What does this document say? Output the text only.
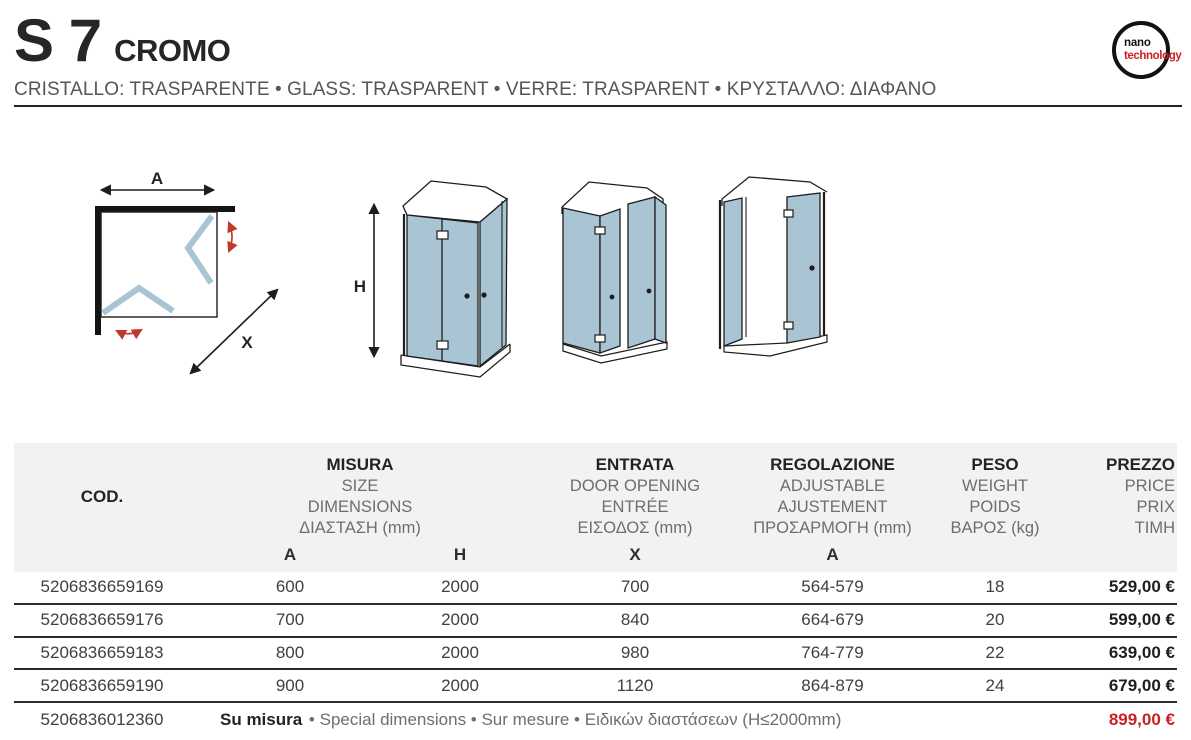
S 7 CROMO
CRISTALLO: TRASPARENTE • GLASS: TRASPARENT • VERRE: TRASPARENT • ΚΡΥΣΤΑΛΛΟ: ΔΙΑΦΑΝΟ
nano
technology
A
X
H
COD.
MISURA
SIZE
DIMENSIONS
ΔΙΑΣΤΑΣΗ (mm)
ENTRATA
DOOR OPENING
ENTRÉE
ΕΙΣΟΔΟΣ (mm)
REGOLAZIONE
ADJUSTABLE
AJUSTEMENT
ΠΡΟΣΑΡΜΟΓΗ (mm)
PESO
WEIGHT
POIDS
ΒΑΡΟΣ (kg)
PREZZO
PRICE
PRIX
ΤΙΜΗ
A	H	X	A
5206836659169	600	2000	700	564-579	18	529,00 €
5206836659176	700	2000	840	664-679	20	599,00 €
5206836659183	800	2000	980	764-779	22	639,00 €
5206836659190	900	2000	1120	864-879	24	679,00 €
5206836012360	Su misura • Special dimensions • Sur mesure • Ειδικών διαστάσεων (H≤2000mm)	899,00 €
